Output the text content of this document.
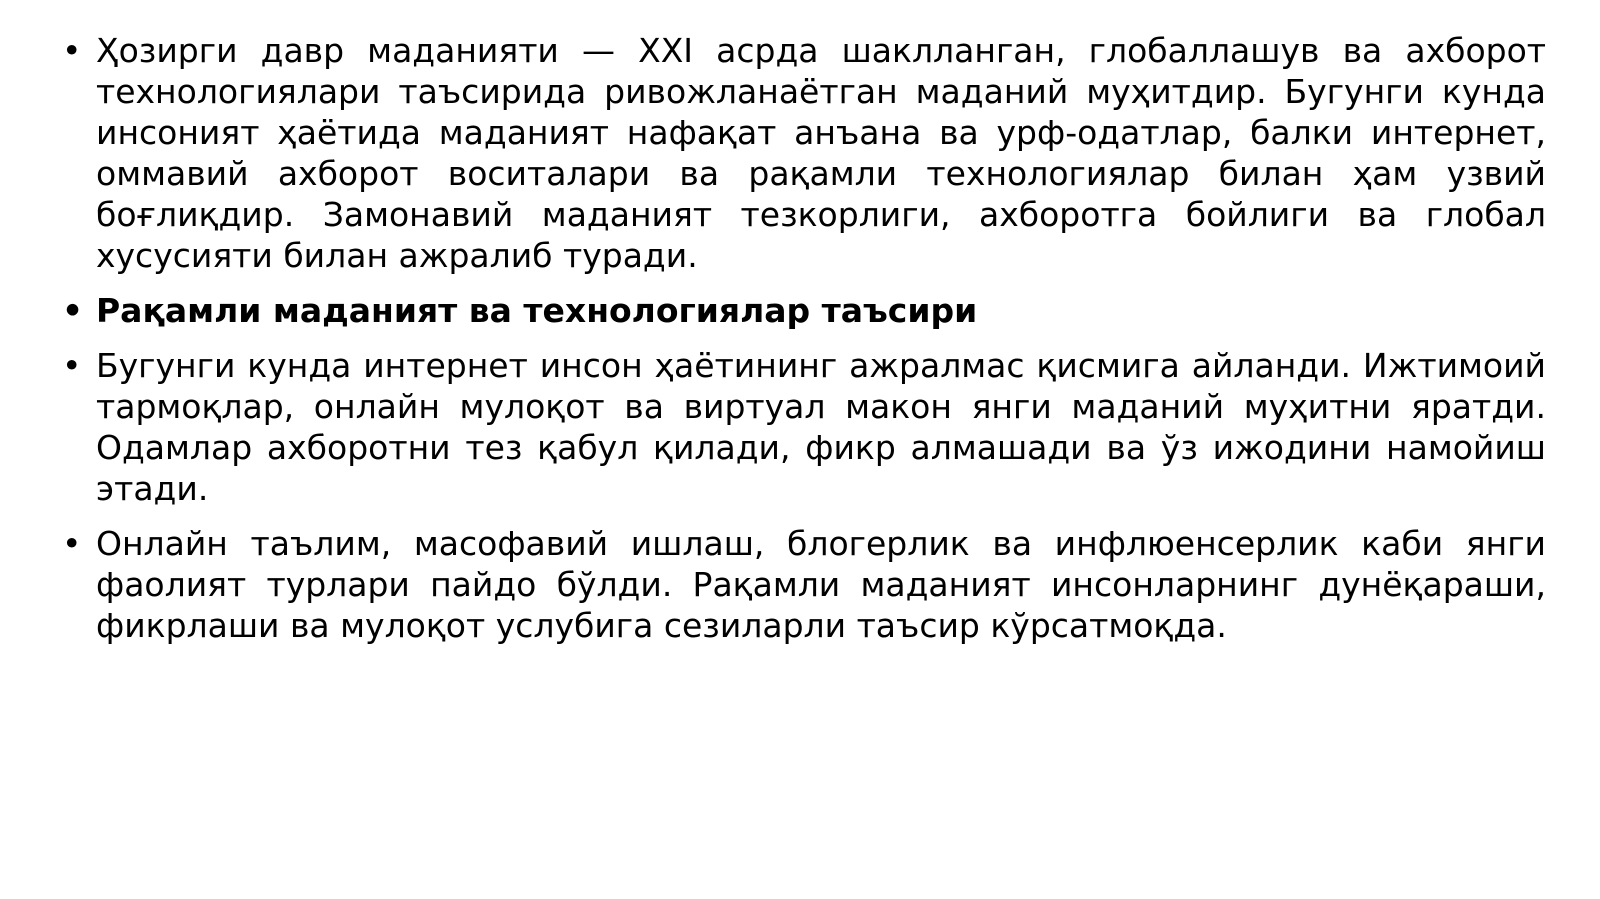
• Ҳозирги давр маданияти — XXI асрда шаклланган, глобаллашув ва ахборот технологиялари таъсирида ривожланаётган маданий муҳитдир. Бугунги кунда инсоният ҳаётида маданият нафақат анъана ва урф-одатлар, балки интернет, оммавий ахборот воситалари ва рақамли технологиялар билан ҳам узвий боғлиқдир. Замонавий маданият тезкорлиги, ахборотга бойлиги ва глобал хусусияти билан ажралиб туради.
• Рақамли маданият ва технологиялар таъсири
• Бугунги кунда интернет инсон ҳаётининг ажралмас қисмига айланди. Ижтимоий тармоқлар, онлайн мулоқот ва виртуал макон янги маданий муҳитни яратди. Одамлар ахборотни тез қабул қилади, фикр алмашади ва ўз ижодини намойиш этади.
• Онлайн таълим, масофавий ишлаш, блогерлик ва инфлюенсерлик каби янги фаолият турлари пайдо бўлди. Рақамли маданият инсонларнинг дунёқараши, фикрлаши ва мулоқот услубига сезиларли таъсир кўрсатмоқда.
